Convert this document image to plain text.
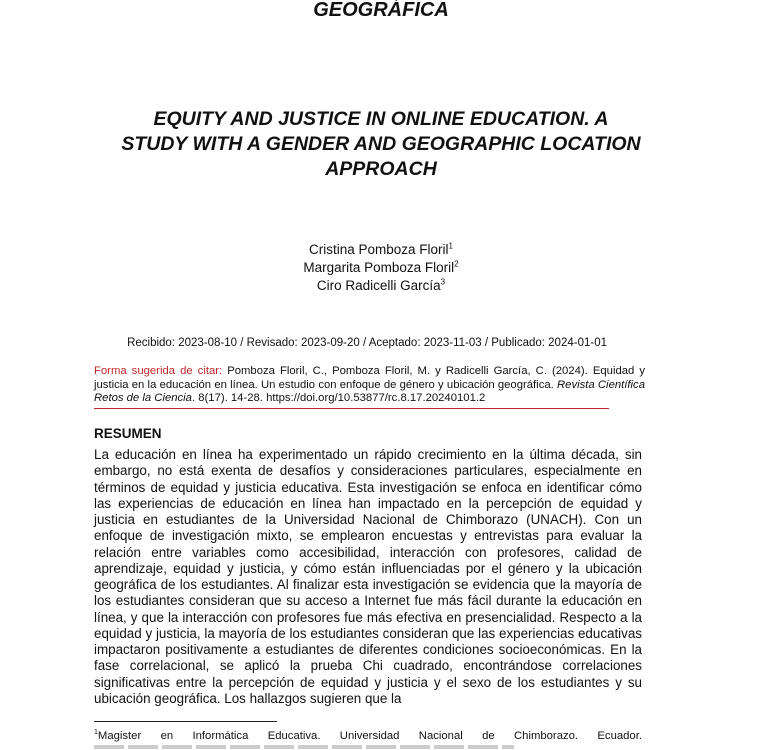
GEOGRÁFICA
EQUITY AND JUSTICE IN ONLINE EDUCATION. A
STUDY WITH A GENDER AND GEOGRAPHIC LOCATION
APPROACH
Cristina Pomboza Floril$^1$
Margarita Pomboza Floril$^2$
Ciro Radicelli García$^3$
Recibido: 2023-08-10 / Revisado: 2023-09-20 / Aceptado: 2023-11-03 / Publicado: 2024-01-01
Forma sugerida de citar: Pomboza Floril, C., Pomboza Floril, M. y Radicelli García, C. (2024). Equidad y justicia en la educación en línea. Un estudio con enfoque de género y ubicación geográfica. Revista Científica Retos de la Ciencia. 8(17). 14-28. https://doi.org/10.53877/rc.8.17.20240101.2
RESUMEN
La educación en línea ha experimentado un rápido crecimiento en la última década, sin embargo, no está exenta de desafíos y consideraciones particulares, especialmente en términos de equidad y justicia educativa. Esta investigación se enfoca en identificar cómo las experiencias de educación en línea han impactado en la percepción de equidad y justicia en estudiantes de la Universidad Nacional de Chimborazo (UNACH). Con un enfoque de investigación mixto, se emplearon encuestas y entrevistas para evaluar la relación entre variables como accesibilidad, interacción con profesores, calidad de aprendizaje, equidad y justicia, y cómo están influenciadas por el género y la ubicación geográfica de los estudiantes. Al finalizar esta investigación se evidencia que la mayoría de los estudiantes consideran que su acceso a Internet fue más fácil durante la educación en línea, y que la interacción con profesores fue más efectiva en presencialidad. Respecto a la equidad y justicia, la mayoría de los estudiantes consideran que las experiencias educativas impactaron positivamente a estudiantes de diferentes condiciones socioeconómicas. En la fase correlacional, se aplicó la prueba Chi cuadrado, encontrándose correlaciones significativas entre la percepción de equidad y justicia y el sexo de los estudiantes y su ubicación geográfica. Los hallazgos sugieren que la
$^1$Magister en Informática Educativa. Universidad Nacional de Chimborazo. Ecuador.
